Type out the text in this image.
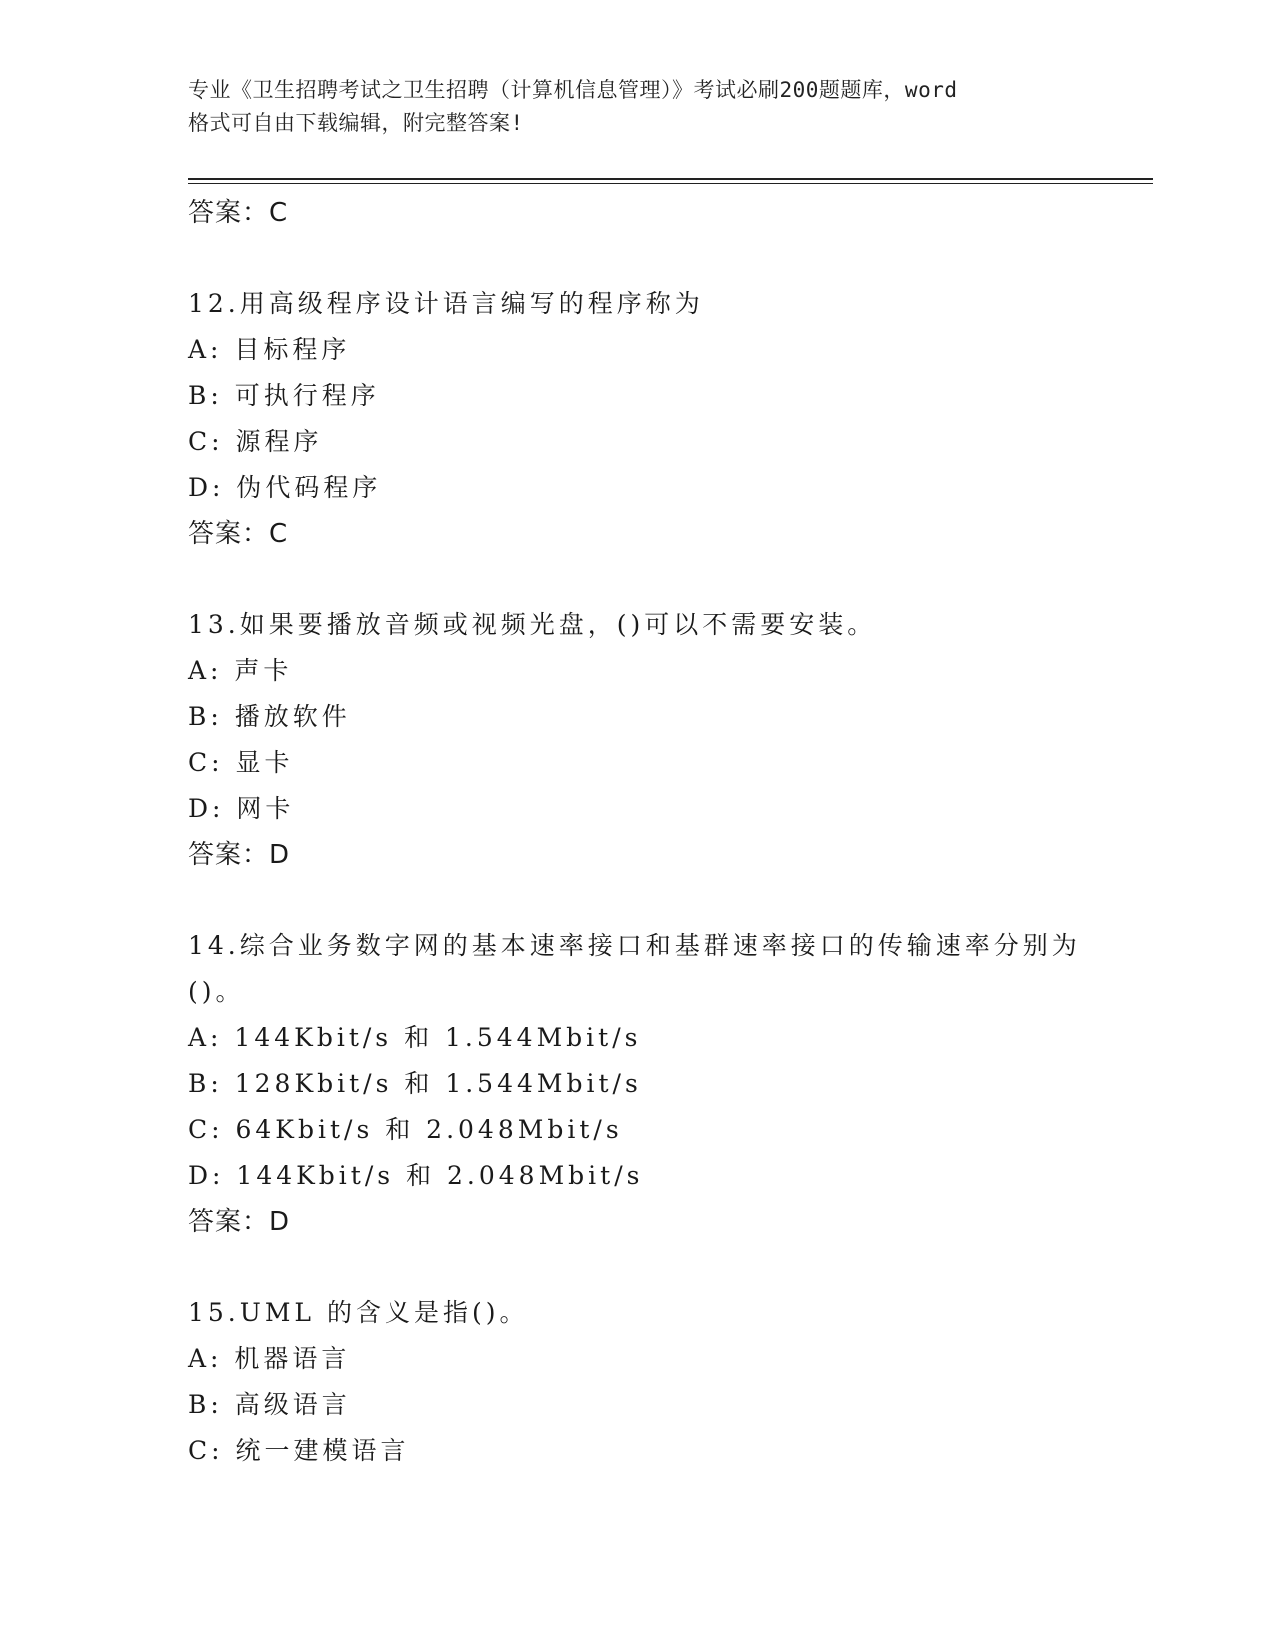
专业《卫生招聘考试之卫生招聘（计算机信息管理）》考试必刷200题题库，word
格式可自由下载编辑，附完整答案!
答案：C
12.用高级程序设计语言编写的程序称为
A: 目标程序
B: 可执行程序
C: 源程序
D: 伪代码程序
答案：C
13.如果要播放音频或视频光盘，()可以不需要安装。
A: 声卡
B: 播放软件
C: 显卡
D: 网卡
答案：D
14.综合业务数字网的基本速率接口和基群速率接口的传输速率分别为
()。
A: 144Kbit/s 和 1.544Mbit/s
B: 128Kbit/s 和 1.544Mbit/s
C: 64Kbit/s 和 2.048Mbit/s
D: 144Kbit/s 和 2.048Mbit/s
答案：D
15.UML 的含义是指()。
A: 机器语言
B: 高级语言
C: 统一建模语言
